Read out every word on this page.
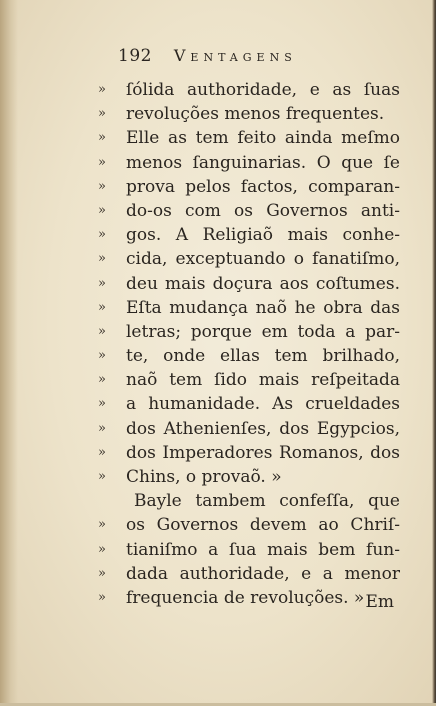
192 Ventagens
» ſólida authoridade, e as ſuas
» revoluções menos frequentes.
» Elle as tem feito ainda meſmo
» menos ſanguinarias. O que ſe
» prova pelos factos, comparan-
» do-os com os Governos anti-
» gos. A Religiaõ mais conhe-
» cida, exceptuando o fanatiſmo,
» deu mais doçura aos coſtumes.
» Eſta mudança naõ he obra das
» letras; porque em toda a par-
» te, onde ellas tem brilhado,
» naõ tem ſido mais reſpeitada
» a humanidade. As crueldades
» dos Athenienſes, dos Egypcios,
» dos Imperadores Romanos, dos
» Chins, o provaõ. »
Bayle tambem confeſſa, que
» os Governos devem ao Chriſ-
» tianiſmo a ſua mais bem fun-
» dada authoridade, e a menor
» frequencia de revoluções. » Em
